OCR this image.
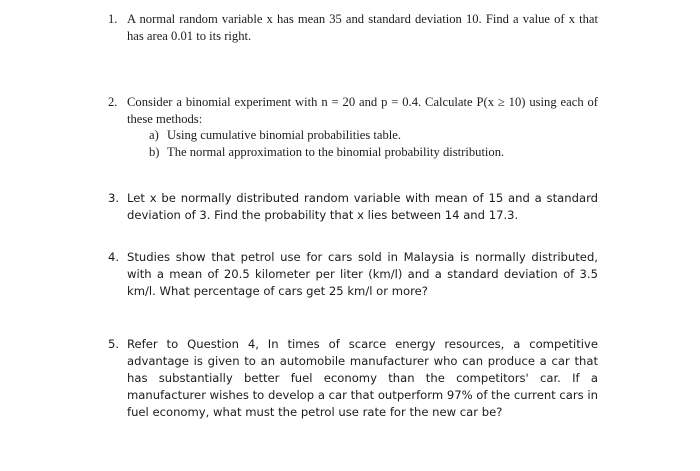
1. A normal random variable x has mean 35 and standard deviation 10. Find a value of x that has area 0.01 to its right.
2. Consider a binomial experiment with n = 20 and p = 0.4. Calculate P(x ≥ 10) using each of these methods:
a) Using cumulative binomial probabilities table.
b) The normal approximation to the binomial probability distribution.
3. Let x be normally distributed random variable with mean of 15 and a standard deviation of 3. Find the probability that x lies between 14 and 17.3.
4. Studies show that petrol use for cars sold in Malaysia is normally distributed, with a mean of 20.5 kilometer per liter (km/l) and a standard deviation of 3.5 km/l. What percentage of cars get 25 km/l or more?
5. Refer to Question 4, In times of scarce energy resources, a competitive advantage is given to an automobile manufacturer who can produce a car that has substantially better fuel economy than the competitors' car. If a manufacturer wishes to develop a car that outperform 97% of the current cars in fuel economy, what must the petrol use rate for the new car be?
